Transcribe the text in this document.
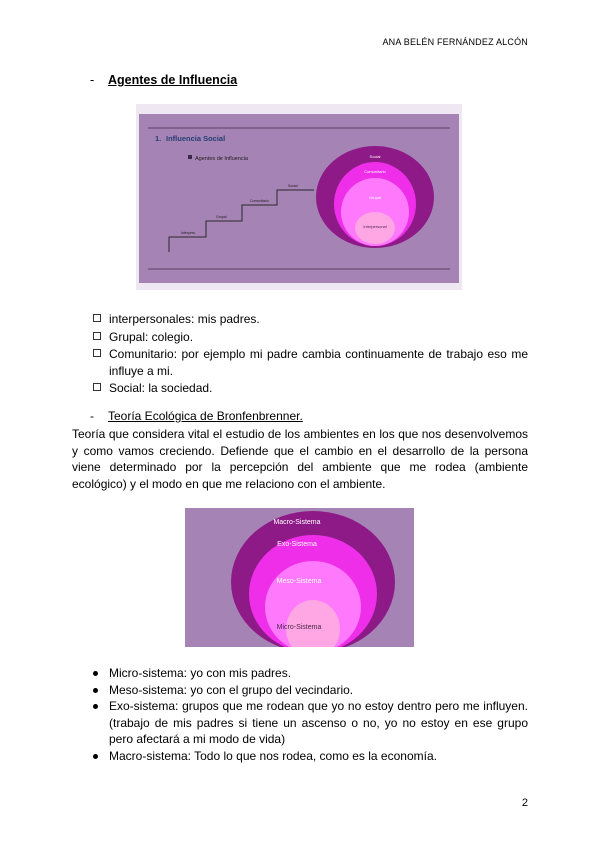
ANA BELÉN FERNÁNDEZ ALCÓN
- Agentes de Influencia
1. Influencia Social
Agentes de Influencia
Interpers.
Grupal
Comunitario
Social
Social
Comunitario
Grupal
Interpersonal
interpersonales: mis padres.
Grupal: colegio.
Comunitario: por ejemplo mi padre cambia continuamente de trabajo eso me influye a mi.
Social: la sociedad.
- Teoría Ecológica de Bronfenbrenner.

Teoría que considera vital el estudio de los ambientes en los que nos desenvolvemos y como vamos creciendo. Defiende que el cambio en el desarrollo de la persona viene determinado por la percepción del ambiente que me rodea (ambiente ecológico) y el modo en que me relaciono con el ambiente.

Macro-Sistema
Exo-Sistema
Meso-Sistema
Micro-Sistema
Micro-sistema: yo con mis padres.
Meso-sistema: yo con el grupo del vecindario.
Exo-sistema: grupos que me rodean que yo no estoy dentro pero me influyen. (trabajo de mis padres si tiene un ascenso o no, yo no estoy en ese grupo pero afectará a mi modo de vida)
Macro-sistema: Todo lo que nos rodea, como es la economía.
2
